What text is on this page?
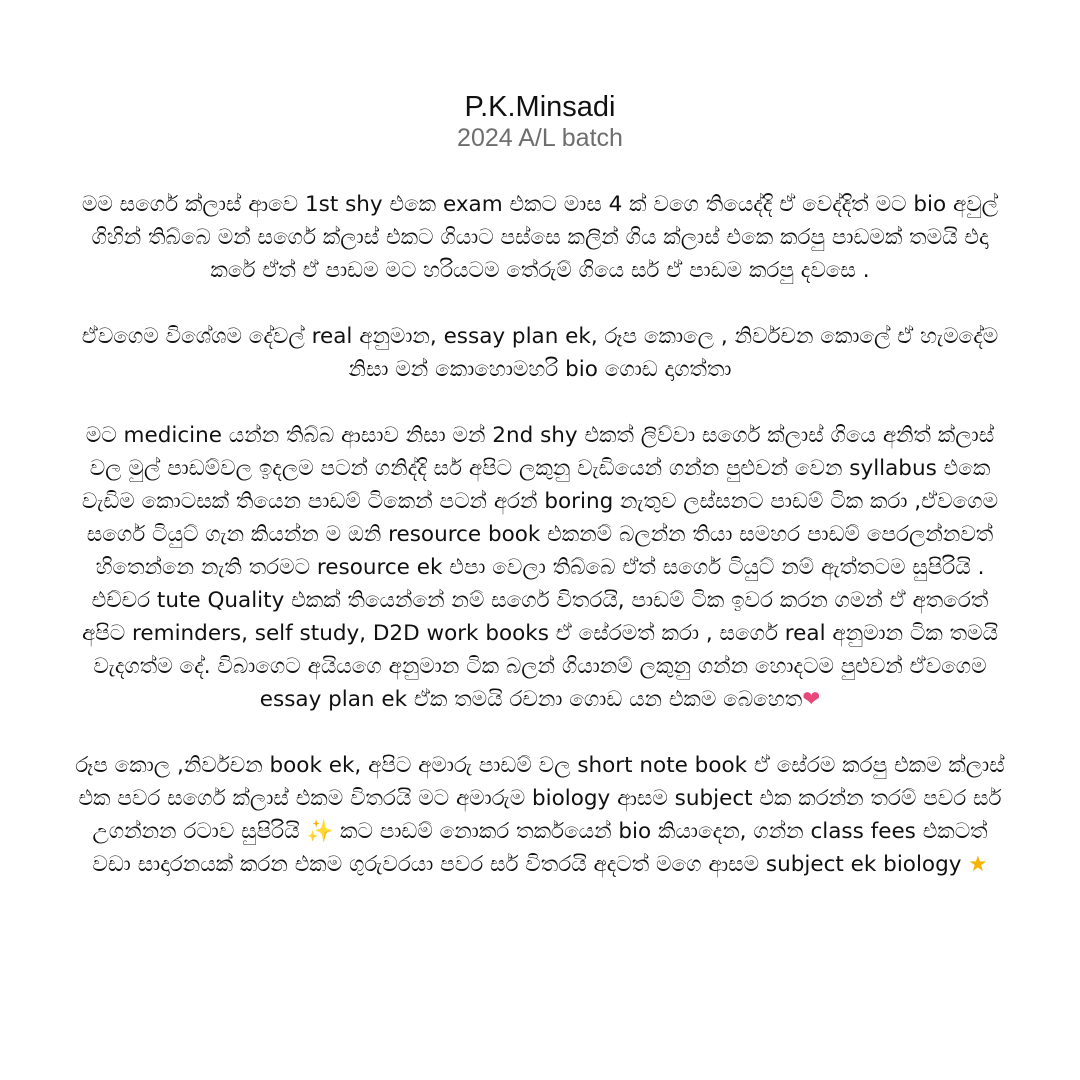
P.K.Minsadi
2024 A/L batch

මම සර්ගෙ ක්ලාස් ආවෙ 1st shy එකෙ exam එකට මාස 4 ක් වගෙ තියෙද්දි ඒ වෙද්දිත් මට bio අවුල් ගිහින් තිබ්බෙ මන් සර්ගෙ ක්ලාස් එකට ගියාට පස්සෙ කලින් ගිය ක්ලාස් එකෙ කරපු පාඩමක් තමයි එදා කරේ ඒත් ඒ පාඩම මට හරියටම තේරුම් ගියෙ සර් ඒ පාඩම කරපු දවසෙ .

ඒවගෙම විශේශම දේවල් real අනුමාන, essay plan ek, රූප කොලෙ , නිර්වචන කොලේ ඒ හැමදේම නිසා මන් කොහොමහරි bio ගොඩ දාගත්තා

මට medicine යන්න තිබ්බ ආසාව නිසා මන් 2nd shy එකත් ලිව්වා සර්ගෙ ක්ලාස් ගියෙ අනිත් ක්ලාස් වල මුල් පාඩම්වල ඉදලම පටන් ගනිද්දි සර් අපිට ලකුනු වැඩියෙන් ගන්න පුළුවන් වෙන syllabus එකෙ වැඩිම කොටසක් තියෙන පාඩම් ටිකෙන් පටන් අරන් boring නැතුව ලස්සනට පාඩම් ටික කරා ,ඒවගෙම සර්ගෙ ටියුට් ගැන කියන්න ම ඔනි resource book එකනම් බලන්න තියා සමහර පාඩම් පෙරලන්නවත් හිතෙන්නෙ නැති තරමට resource ek එපා වෙලා තිබ්බෙ ඒත් සර්ගෙ ටියුට් නම් ඇත්තටම සුපිරියි . එච්චර tute Quality එකක් තියෙන්නේ නම් සර්ගෙ විතරයි, පාඩම් ටික ඉවර කරන ගමන් ඒ අතරෙත් අපිට reminders, self study, D2D work books ඒ සේරමත් කරා , සර්ගෙ real අනුමාන ටික තමයි වැදගත්ම දේ. විබාගෙට අයියගෙ අනුමාන ටික බලන් ගියානම් ලකුනු ගන්න හොදටම පුළුවන් ඒවගෙම essay plan ek ඒක තමයි රචනා ගොඩ යන එකම බෙහෙත❤

රූප කොල ,නිර්වචන book ek, අපිට අමාරු පාඩම් වල short note book ඒ සේරම කරපු එකම ක්ලාස් එක පවර සර්ගෙ ක්ලාස් එකම විතරයි මට අමාරුම biology ආසම subject එක කරන්න තරම් පවර සර් උගන්නන රටාව සුපිරියි ✨ කට පාඩම් නොකර තර්කයෙන් bio කියාදෙන, ගන්න class fees එකටත් වඩා සාදාරනයක් කරන එකම ගුරුවරයා පවර සර් විතරයි අදටත් මගෙ ආසම subject ek biology ★
